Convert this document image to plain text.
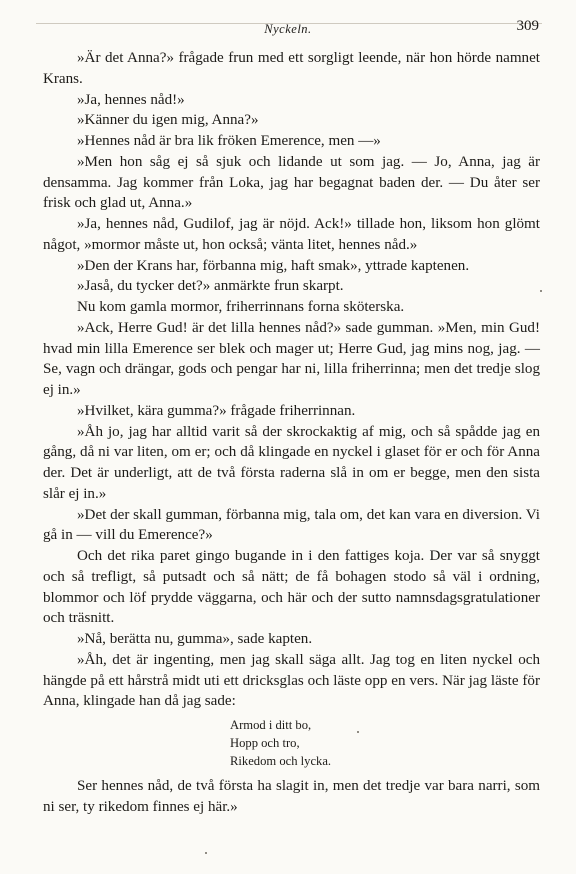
Nyckeln.	309

»Är det Anna?» frågade frun med ett sorgligt leende, när hon hörde namnet Krans.

»Ja, hennes nåd!»

»Känner du igen mig, Anna?»

»Hennes nåd är bra lik fröken Emerence, men —»

»Men hon såg ej så sjuk och lidande ut som jag. — Jo, Anna, jag är densamma. Jag kommer från Loka, jag har begagnat baden der. — Du åter ser frisk och glad ut, Anna.»

»Ja, hennes nåd, Gudilof, jag är nöjd. Ack!» tillade hon, liksom hon glömt något, »mormor måste ut, hon också; vänta litet, hennes nåd.»

»Den der Krans har, förbanna mig, haft smak», yttrade kaptenen.

»Jaså, du tycker det?» anmärkte frun skarpt.

Nu kom gamla mormor, friherrinnans forna sköterska.

»Ack, Herre Gud! är det lilla hennes nåd?» sade gumman. »Men, min Gud! hvad min lilla Emerence ser blek och mager ut; Herre Gud, jag mins nog, jag. — Se, vagn och drängar, gods och pengar har ni, lilla friherrinna; men det tredje slog ej in.»

»Hvilket, kära gumma?» frågade friherrinnan.

»Åh jo, jag har alltid varit så der skrockaktig af mig, och så spådde jag en gång, då ni var liten, om er; och då klingade en nyckel i glaset för er och för Anna der. Det är underligt, att de två första raderna slå in om er begge, men den sista slår ej in.»

»Det der skall gumman, förbanna mig, tala om, det kan vara en diversion. Vi gå in — vill du Emerence?»

Och det rika paret gingo bugande in i den fattiges koja. Der var så snyggt och så trefligt, så putsadt och så nätt; de få bohagen stodo så väl i ordning, blommor och löf prydde väggarna, och här och der sutto namnsdagsgratulationer och träsnitt.

»Nå, berätta nu, gumma», sade kapten.

»Åh, det är ingenting, men jag skall säga allt. Jag tog en liten nyckel och hängde på ett hårstrå midt uti ett dricksglas och läste opp en vers. När jag läste för Anna, klingade han då jag sade:

Armod i ditt bo,
Hopp och tro,
Rikedom och lycka.

Ser hennes nåd, de två första ha slagit in, men det tredje var bara narri, som ni ser, ty rikedom finnes ej här.»
